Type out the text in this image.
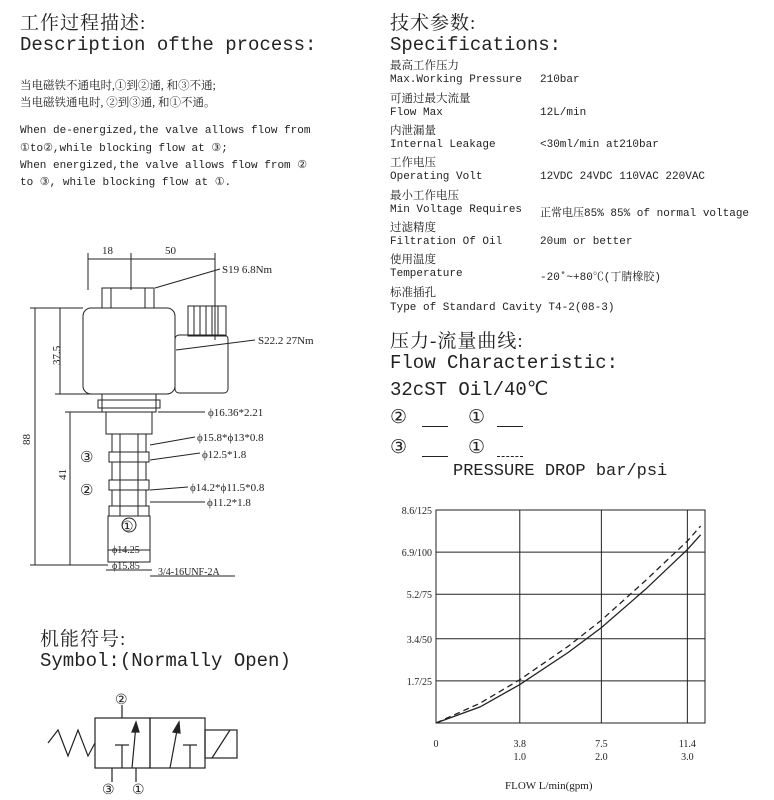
工作过程描述:
Description ofthe process:
当电磁铁不通电时,①到②通, 和③不通;
当电磁铁通电时, ②到③通, 和①不通。
When de-energized,the valve allows flow from
①to②,while blocking flow at ③;
When energized,the valve allows flow from ②
to ③, while blocking flow at ①.
技术参数:
Specifications:
最高工作压力
Max.Working Pressure 210bar
可通过最大流量
Flow Max	12L/min
内泄漏量
Internal Leakage	<30ml/min at210bar
工作电压
Operating Volt	12VDC 24VDC 110VAC 220VAC
最小工作电压
Min Voltage Requires 正常电压85% 85% of normal voltage
过滤精度
Filtration Of Oil	20um or better
使用温度
Temperature	-20˚~+80℃(丁腈橡胶)
标准插孔
Type of Standard Cavity T4-2(08-3)
18	50
S19 6.8Nm
S22.2 27Nm
ϕ16.36*2.21
ϕ15.8*ϕ13*0.8
ϕ12.5*1.8
ϕ14.2*ϕ11.5*0.8
ϕ11.2*1.8
ϕ14.25
ϕ15.85
3/4-16UNF-2A
③
②
①
37.5
88
41
机能符号:
Symbol:(Normally Open)
②
③ ①
压力-流量曲线:
Flow Characteristic:
32cST Oil/40℃
②	①
③	①
PRESSURE DROP bar/psi
1.7/25
3.4/50
5.2/75
6.9/100
8.6/125
0	3.8
1.0
7.5
2.0
11.4
3.0
FLOW L/min(gpm)
